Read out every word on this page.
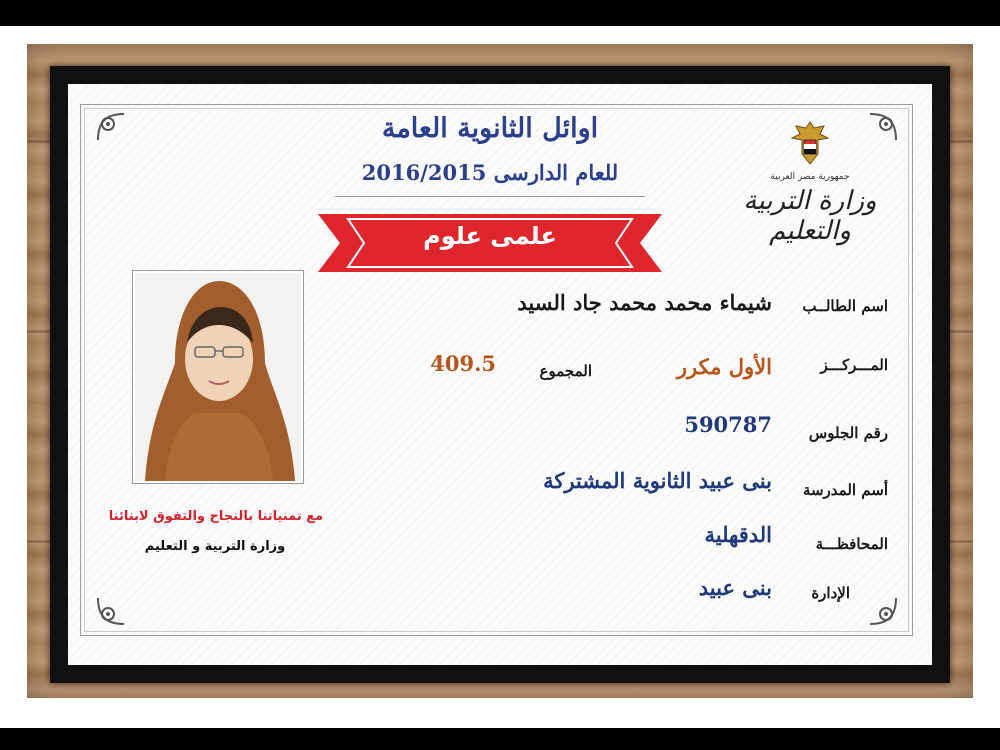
اوائل الثانوية العامة
للعام الدارسى 2016/2015
علمى علوم
جمهورية مصر العربية
وزارة التربية والتعليم
مع تمنياتنا بالنجاح والتفوق لابنائنا
وزارة التربية و التعليم
اسم الطالــب
شيماء محمد محمد جاد السيد
المـــركـــز
الأول مكرر
المجموع
409.5
رقم الجلوس
590787
أسم المدرسة
بنى عبيد الثانوية المشتركة
المحافظـــة
الدقهلية
الإدارة
بنى عبيد
